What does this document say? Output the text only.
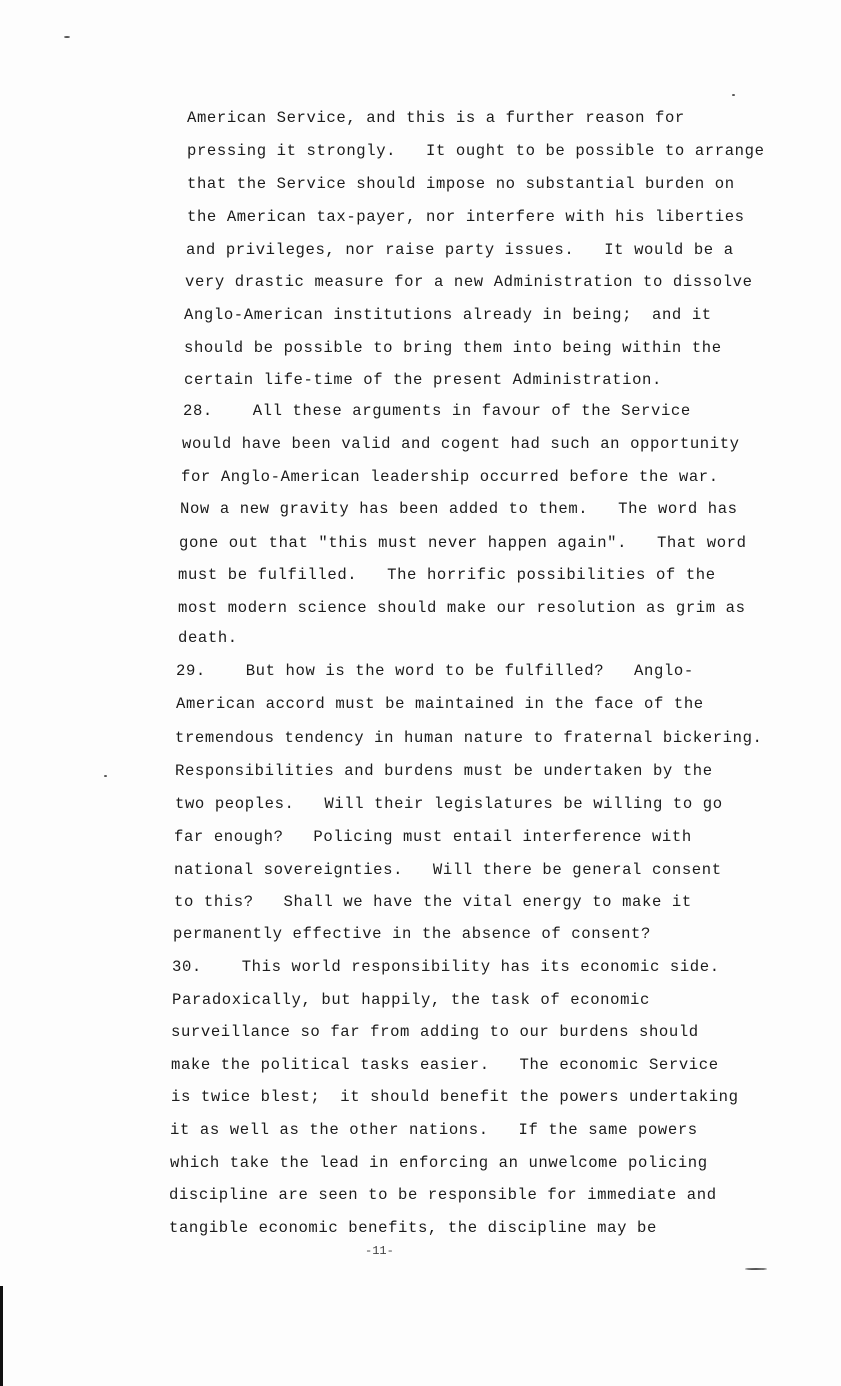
American Service, and this is a further reason for
pressing it strongly.   It ought to be possible to arrange
that the Service should impose no substantial burden on
the American tax-payer, nor interfere with his liberties
and privileges, nor raise party issues.   It would be a
very drastic measure for a new Administration to dissolve
Anglo-American institutions already in being;  and it
should be possible to bring them into being within the
certain life-time of the present Administration.
28.    All these arguments in favour of the Service
would have been valid and cogent had such an opportunity
for Anglo-American leadership occurred before the war.
Now a new gravity has been added to them.   The word has
gone out that "this must never happen again".   That word
must be fulfilled.   The horrific possibilities of the
most modern science should make our resolution as grim as
death.
29.    But how is the word to be fulfilled?   Anglo-
American accord must be maintained in the face of the
tremendous tendency in human nature to fraternal bickering.
Responsibilities and burdens must be undertaken by the
two peoples.   Will their legislatures be willing to go
far enough?   Policing must entail interference with
national sovereignties.   Will there be general consent
to this?   Shall we have the vital energy to make it
permanently effective in the absence of consent?
30.    This world responsibility has its economic side.
Paradoxically, but happily, the task of economic
surveillance so far from adding to our burdens should
make the political tasks easier.   The economic Service
is twice blest;  it should benefit the powers undertaking
it as well as the other nations.   If the same powers
which take the lead in enforcing an unwelcome policing
discipline are seen to be responsible for immediate and
tangible economic benefits, the discipline may be
-11-
